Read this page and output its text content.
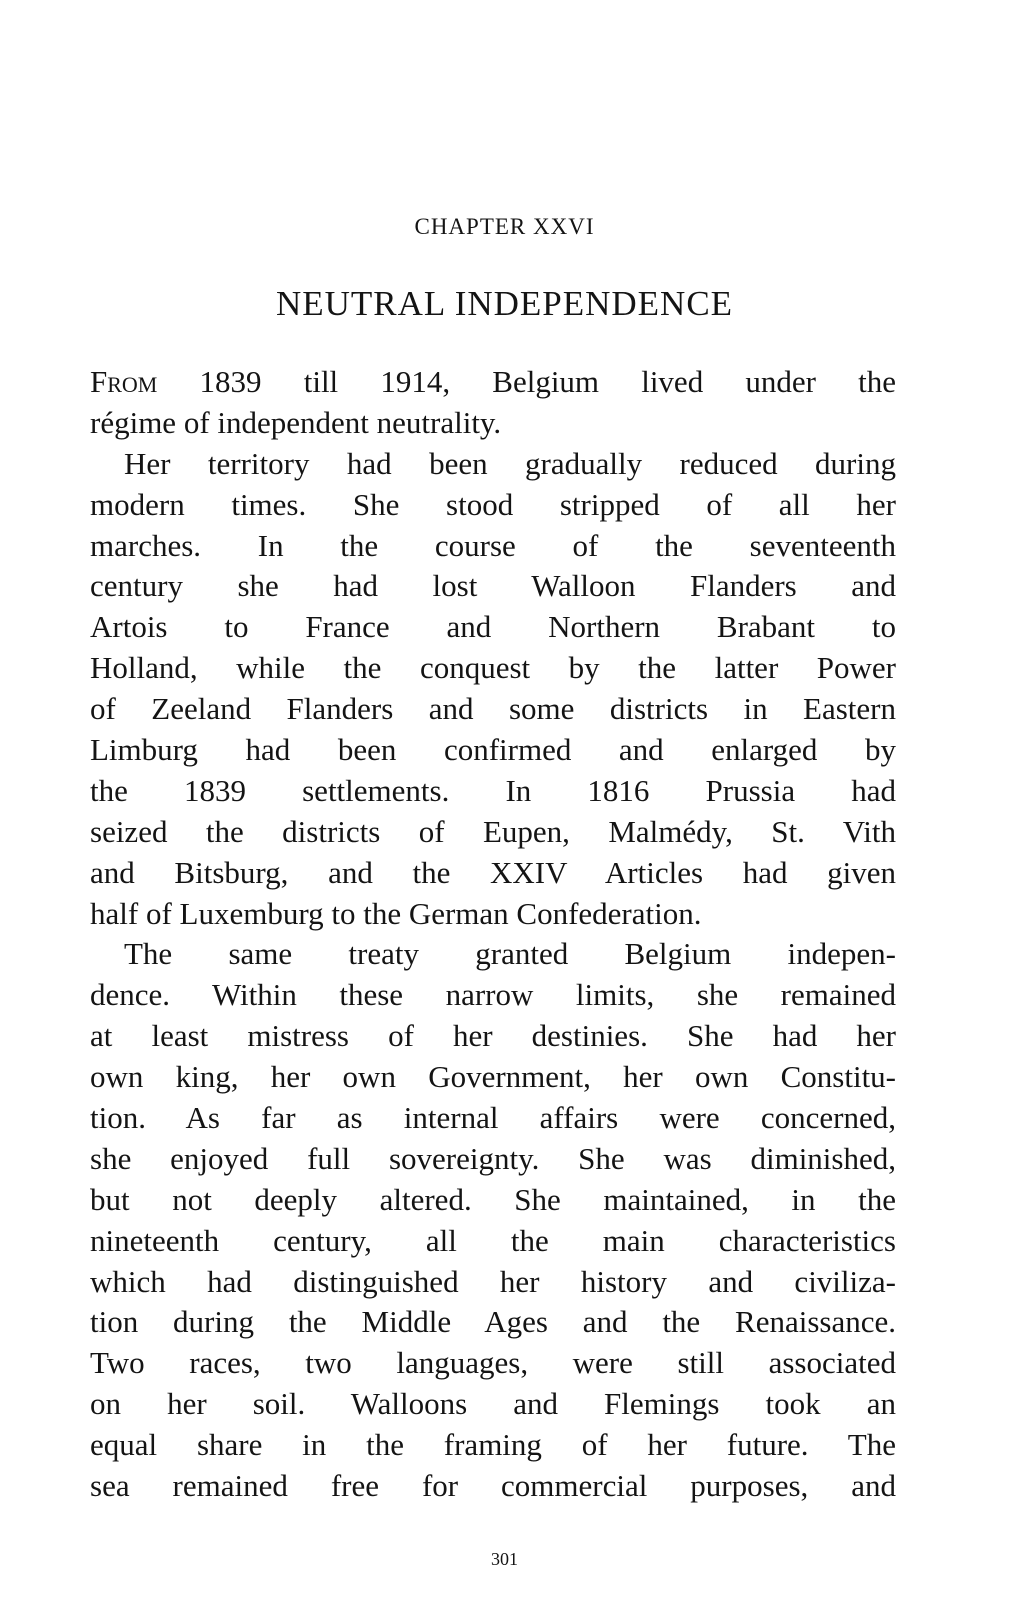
CHAPTER XXVI
NEUTRAL INDEPENDENCE
From 1839 till 1914, Belgium lived under the
régime of independent neutrality.
Her territory had been gradually reduced during
modern times. She stood stripped of all her
marches. In the course of the seventeenth
century she had lost Walloon Flanders and
Artois to France and Northern Brabant to
Holland, while the conquest by the latter Power
of Zeeland Flanders and some districts in Eastern
Limburg had been confirmed and enlarged by
the 1839 settlements. In 1816 Prussia had
seized the districts of Eupen, Malmédy, St. Vith
and Bitsburg, and the XXIV Articles had given
half of Luxemburg to the German Confederation.
The same treaty granted Belgium indepen-
dence. Within these narrow limits, she remained
at least mistress of her destinies. She had her
own king, her own Government, her own Constitu-
tion. As far as internal affairs were concerned,
she enjoyed full sovereignty. She was diminished,
but not deeply altered. She maintained, in the
nineteenth century, all the main characteristics
which had distinguished her history and civiliza-
tion during the Middle Ages and the Renaissance.
Two races, two languages, were still associated
on her soil. Walloons and Flemings took an
equal share in the framing of her future. The
sea remained free for commercial purposes, and
301
